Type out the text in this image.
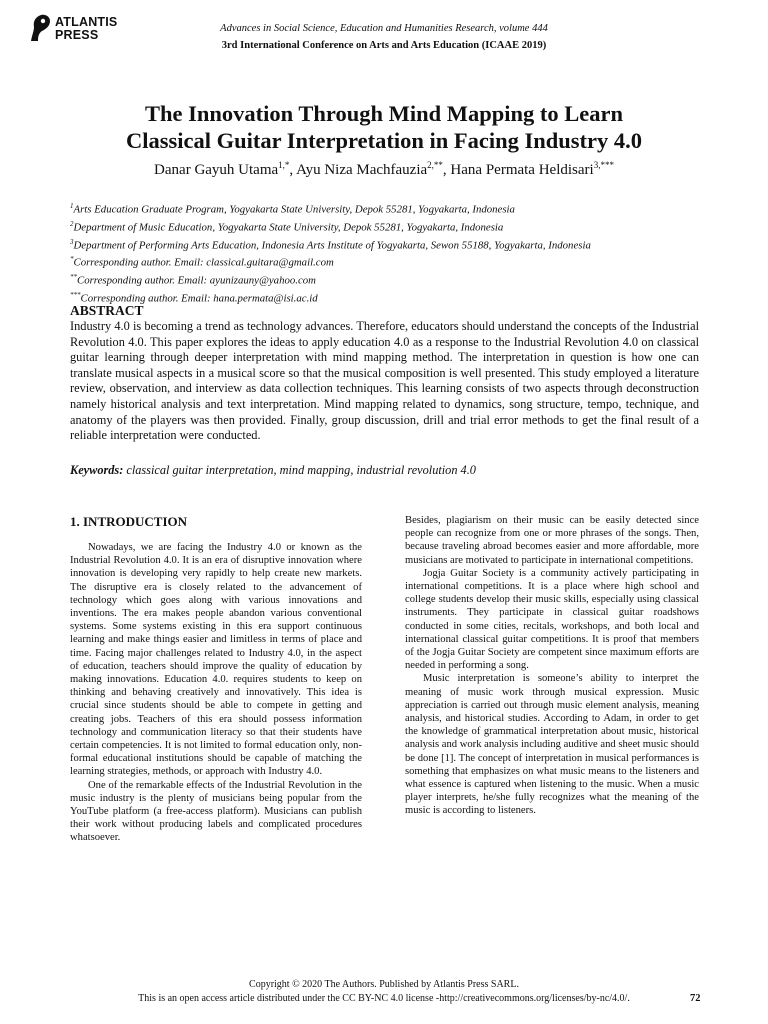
ATLANTIS
PRESS	Advances in Social Science, Education and Humanities Research, volume 444
3rd International Conference on Arts and Arts Education (ICAAE 2019)
The Innovation Through Mind Mapping to Learn
Classical Guitar Interpretation in Facing Industry 4.0
Danar Gayuh Utama$^{1,*}$, Ayu Niza Machfauzia$^{2,**}$, Hana Permata Heldisari$^{3,***}$
$^1$Arts Education Graduate Program, Yogyakarta State University, Depok 55281, Yogyakarta, Indonesia
$^2$Department of Music Education, Yogyakarta State University, Depok 55281, Yogyakarta, Indonesia
$^3$Department of Performing Arts Education, Indonesia Arts Institute of Yogyakarta, Sewon 55188, Yogyakarta, Indonesia
*Corresponding author. Email: classical.guitara@gmail.com
**Corresponding author. Email: ayunizauny@yahoo.com
***Corresponding author. Email: hana.permata@isi.ac.id
ABSTRACT
Industry 4.0 is becoming a trend as technology advances. Therefore, educators should understand the concepts of the Industrial Revolution 4.0. This paper explores the ideas to apply education 4.0 as a response to the Industrial Revolution 4.0 on classical guitar learning through deeper interpretation with mind mapping method. The interpretation in question is how one can translate musical aspects in a musical score so that the musical composition is well presented. This study employed a literature review, observation, and interview as data collection techniques. This learning consists of two aspects through deconstruction namely historical analysis and text interpretation. Mind mapping related to dynamics, song structure, tempo, technique, and anatomy of the players was then provided. Finally, group discussion, drill and trial error methods to get the final result of a reliable interpretation were conducted.
Keywords: classical guitar interpretation, mind mapping, industrial revolution 4.0
1. INTRODUCTION

Nowadays, we are facing the Industry 4.0 or known as the Industrial Revolution 4.0. It is an era of disruptive innovation where innovation is developing very rapidly to help create new markets. The disruptive era is closely related to the advancement of technology which goes along with various innovations and inventions. The era makes people abandon various conventional systems. Some systems existing in this era support continuous learning and make things easier and limitless in terms of place and time. Facing major challenges related to Industry 4.0, in the aspect of education, teachers should improve the quality of education by making innovations. Education 4.0. requires students to keep on thinking and behaving creatively and innovatively. This idea is crucial since students should be able to compete in getting and creating jobs. Teachers of this era should possess information technology and communication literacy so that their students have certain competencies. It is not limited to formal education only, non-formal educational institutions should be capable of matching the learning strategies, methods, or approach with Industry 4.0.

One of the remarkable effects of the Industrial Revolution in the music industry is the plenty of musicians being popular from the YouTube platform (a free-access platform). Musicians can publish their work without producing labels and complicated procedures whatsoever.

Besides, plagiarism on their music can be easily detected since people can recognize from one or more phrases of the songs. Then, because traveling abroad becomes easier and more affordable, more musicians are motivated to participate in international competitions.

Jogja Guitar Society is a community actively participating in international competitions. It is a place where high school and college students develop their music skills, especially using classical instruments. They participate in classical guitar roadshows conducted in some cities, recitals, workshops, and both local and international classical guitar competitions. It is proof that members of the Jogja Guitar Society are competent since maximum efforts are needed in performing a song.

Music interpretation is someone’s ability to interpret the meaning of music work through musical expression. Music appreciation is carried out through music element analysis, meaning analysis, and historical studies. According to Adam, in order to get the knowledge of grammatical interpretation about music, historical analysis and work analysis including auditive and sheet music should be done [1]. The concept of interpretation in musical performances is something that emphasizes on what music means to the listeners and what essence is captured when listening to the music. When a music player interprets, he/she fully recognizes what the meaning of the music is according to listeners.

Copyright © 2020 The Authors. Published by Atlantis Press SARL.
This is an open access article distributed under the CC BY-NC 4.0 license -http://creativecommons.org/licenses/by-nc/4.0/.	72
